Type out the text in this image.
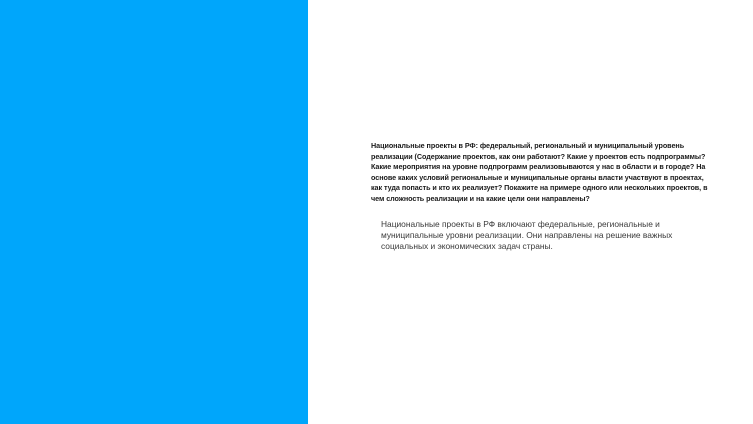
Национальные проекты в РФ: федеральный, региональный и муниципальный уровень реализации (Содержание проектов, как они работают? Какие у проектов есть подпрограммы? Какие мероприятия на уровне подпрограмм реализовываются у нас в области и в городе? На основе каких условий региональные и муниципальные органы власти участвуют в проектах, как туда попасть и кто их реализует? Покажите на примере одного или нескольких проектов, в чем сложность реализации и на какие цели они направлены?

Национальные проекты в РФ включают федеральные, региональные и муниципальные уровни реализации. Они направлены на решение важных социальных и экономических задач страны.
